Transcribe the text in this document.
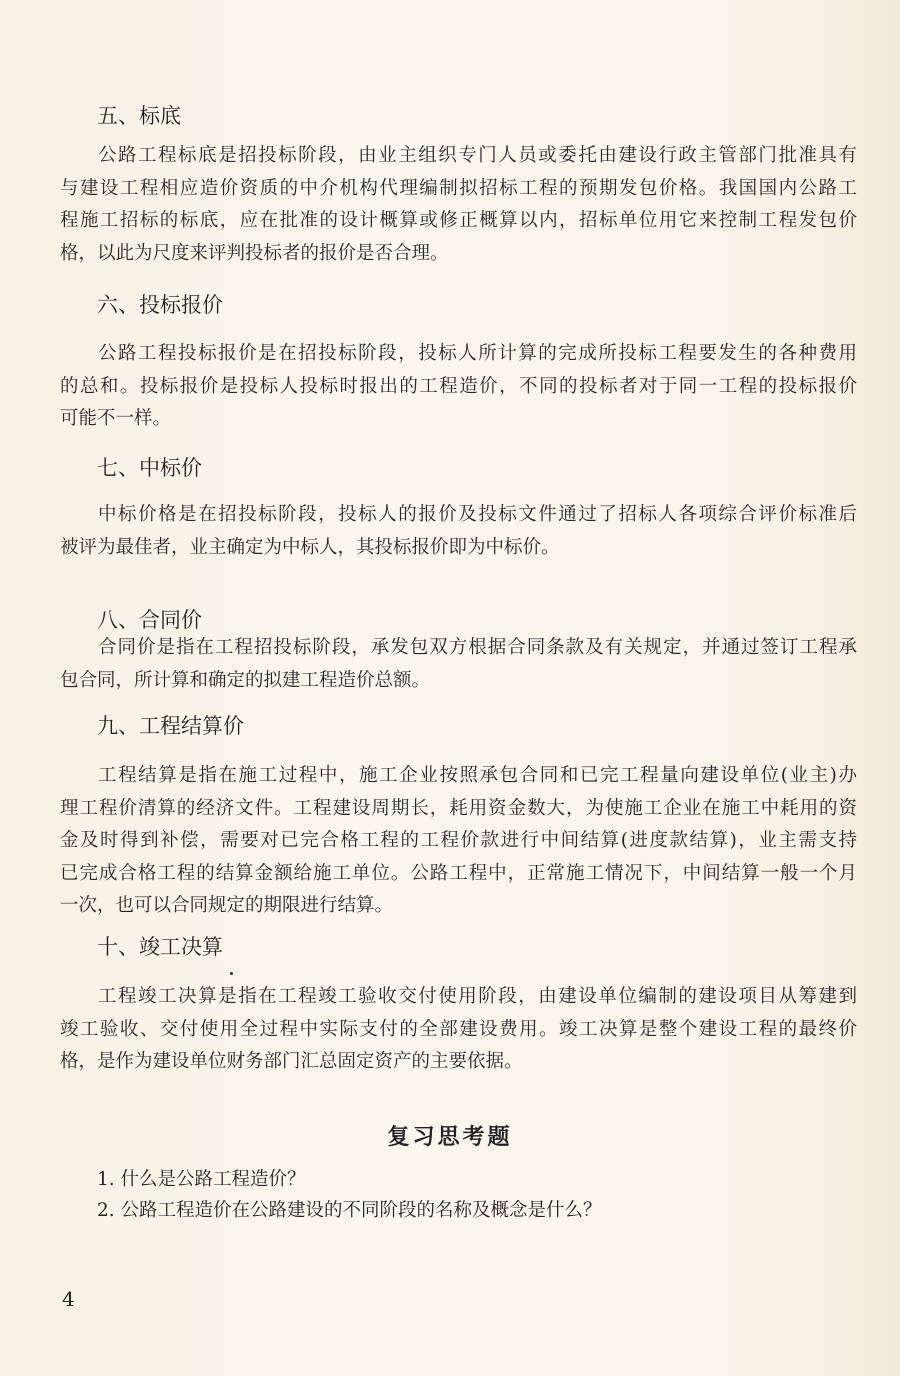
五、标底
公路工程标底是招投标阶段，由业主组织专门人员或委托由建设行政主管部门批准具有
与建设工程相应造价资质的中介机构代理编制拟招标工程的预期发包价格。我国国内公路工
程施工招标的标底，应在批准的设计概算或修正概算以内，招标单位用它来控制工程发包价
格，以此为尺度来评判投标者的报价是否合理。
六、投标报价
公路工程投标报价是在招投标阶段，投标人所计算的完成所投标工程要发生的各种费用
的总和。投标报价是投标人投标时报出的工程造价，不同的投标者对于同一工程的投标报价
可能不一样。
七、中标价
中标价格是在招投标阶段，投标人的报价及投标文件通过了招标人各项综合评价标准后
被评为最佳者，业主确定为中标人，其投标报价即为中标价。
八、合同价
合同价是指在工程招投标阶段，承发包双方根据合同条款及有关规定，并通过签订工程承
包合同，所计算和确定的拟建工程造价总额。
九、工程结算价
工程结算是指在施工过程中，施工企业按照承包合同和已完工程量向建设单位(业主)办
理工程价清算的经济文件。工程建设周期长，耗用资金数大，为使施工企业在施工中耗用的资
金及时得到补偿，需要对已完合格工程的工程价款进行中间结算(进度款结算)，业主需支持
已完成合格工程的结算金额给施工单位。公路工程中，正常施工情况下，中间结算一般一个月
一次，也可以合同规定的期限进行结算。
十、竣工决算
工程竣工决算是指在工程竣工验收交付使用阶段，由建设单位编制的建设项目从筹建到
竣工验收、交付使用全过程中实际支付的全部建设费用。竣工决算是整个建设工程的最终价
格，是作为建设单位财务部门汇总固定资产的主要依据。
复习思考题
1. 什么是公路工程造价？
2. 公路工程造价在公路建设的不同阶段的名称及概念是什么？
4
